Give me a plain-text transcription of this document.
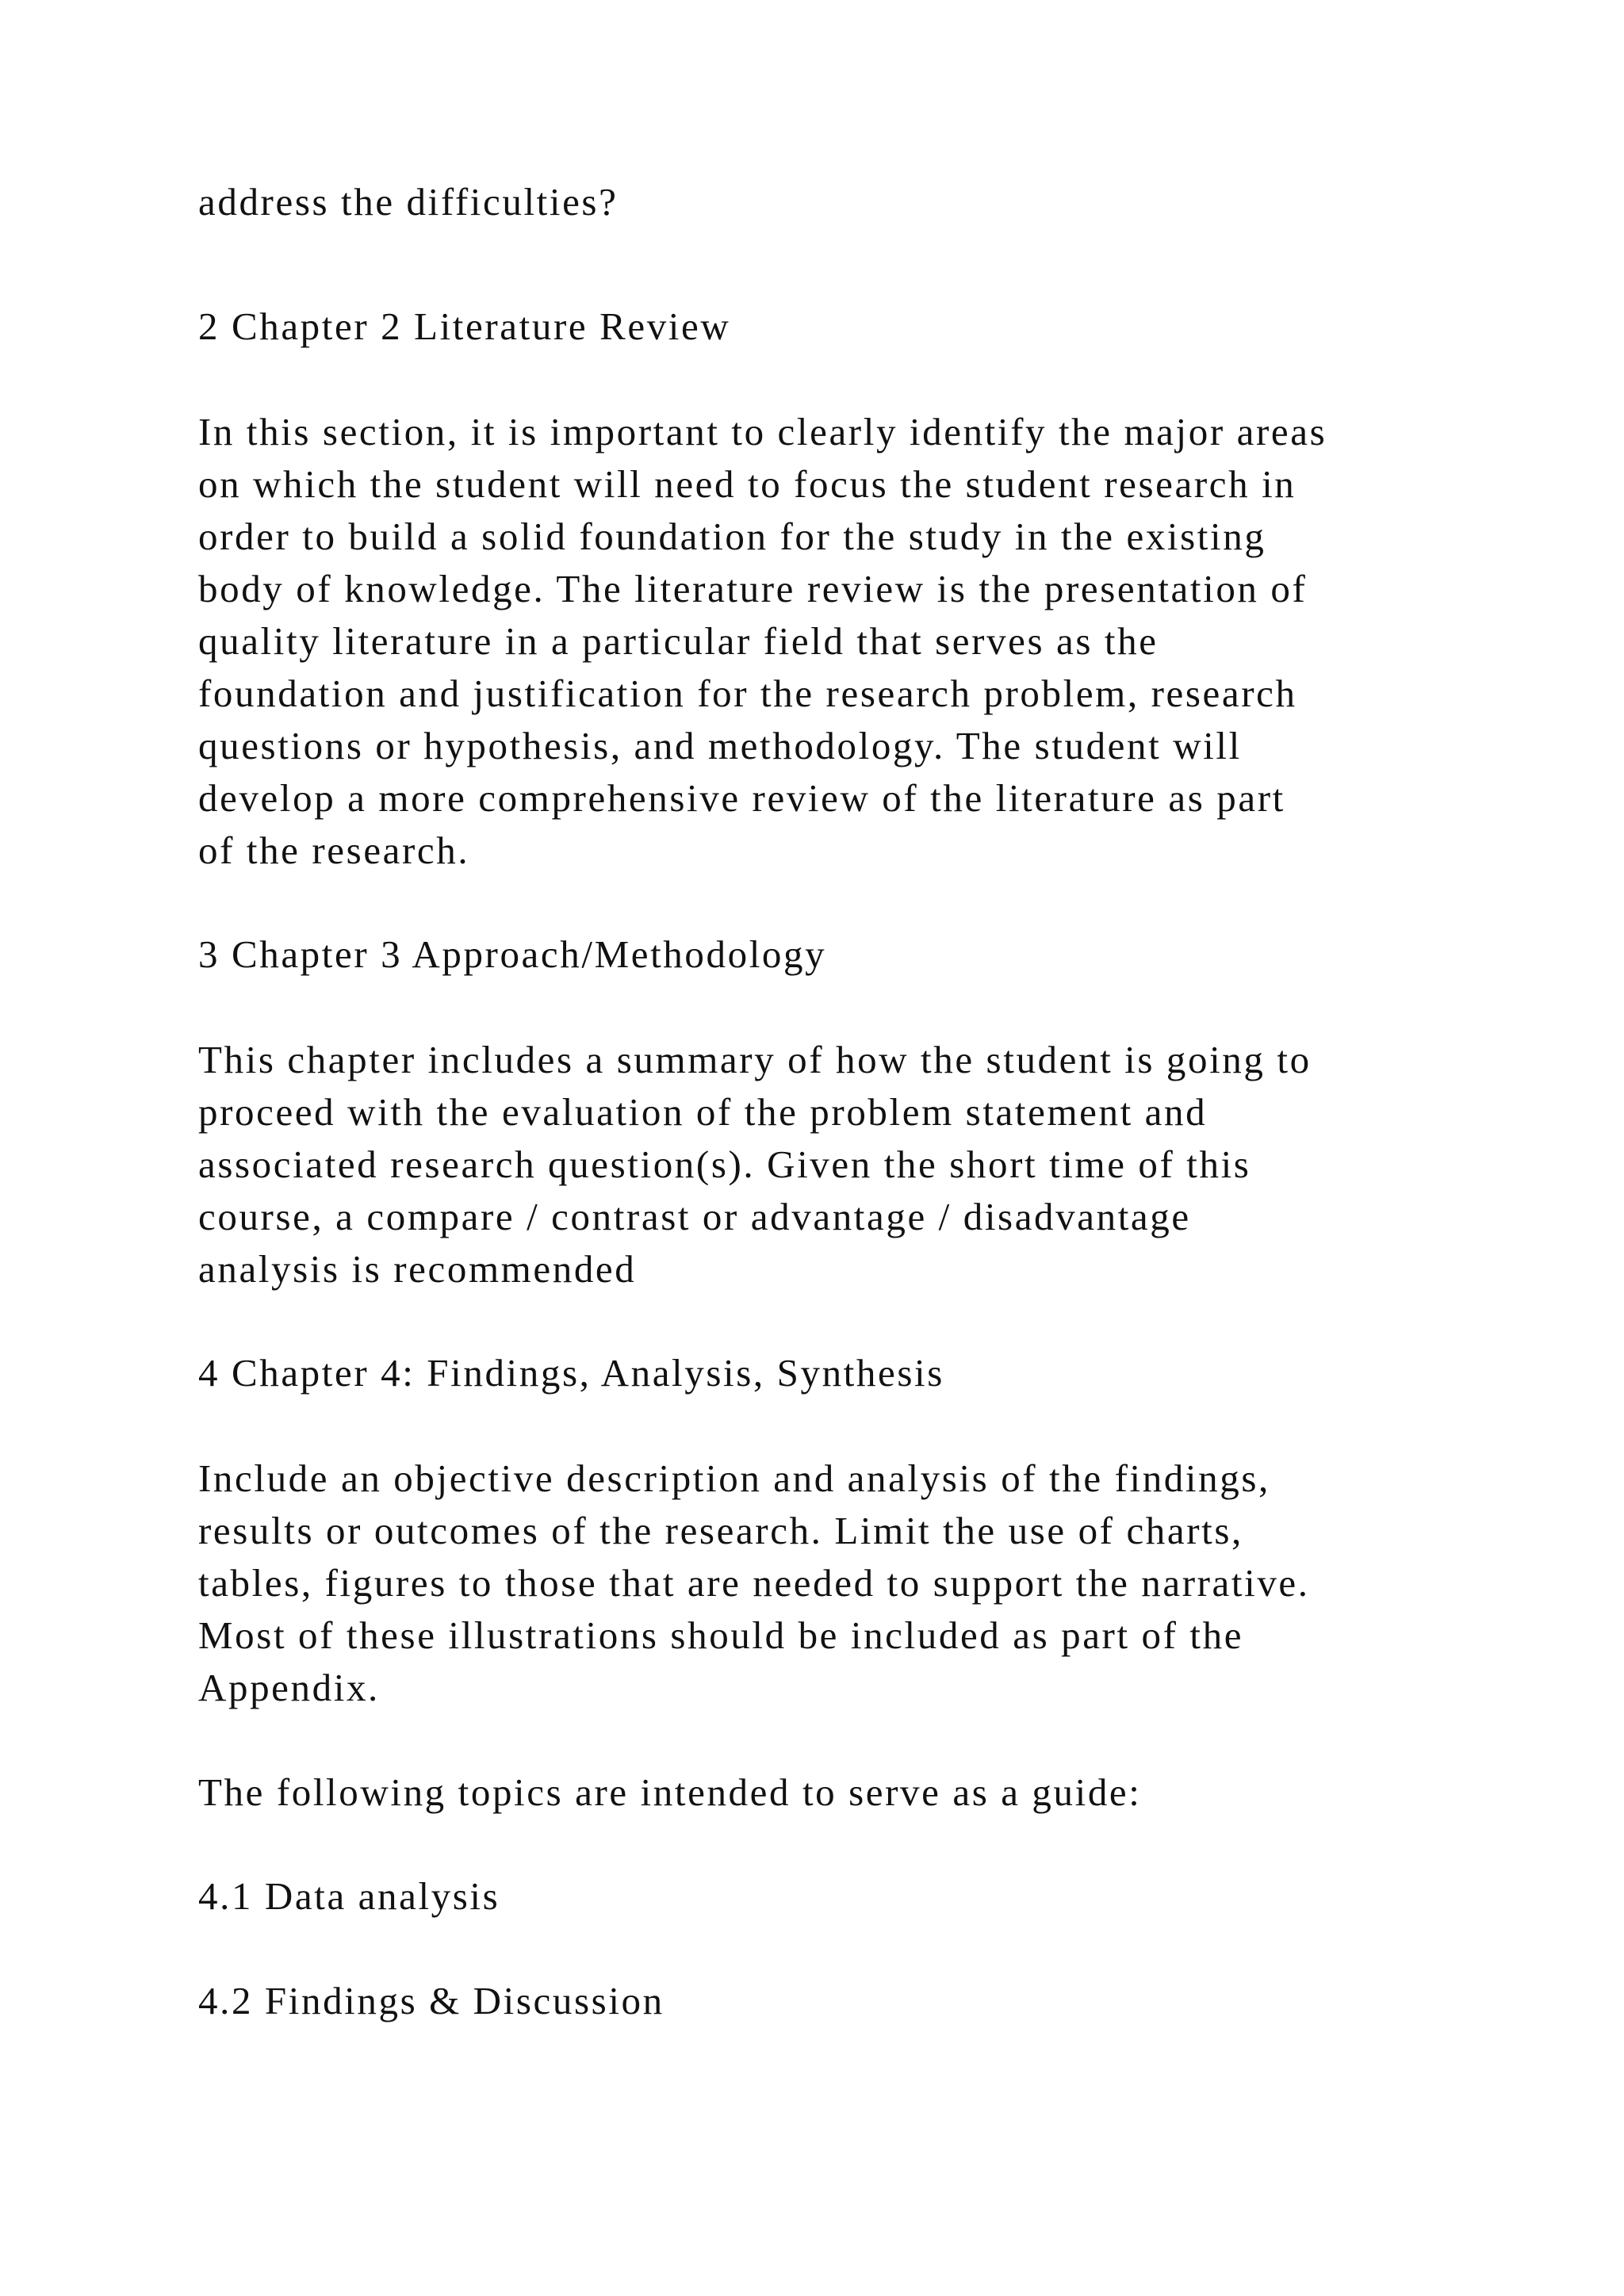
address the difficulties?

2 Chapter 2 Literature Review

In this section, it is important to clearly identify the major areas
on which the student will need to focus the student research in
order to build a solid foundation for the study in the existing
body of knowledge. The literature review is the presentation of
quality literature in a particular field that serves as the
foundation and justification for the research problem, research
questions or hypothesis, and methodology. The student will
develop a more comprehensive review of the literature as part
of the research.

3 Chapter 3 Approach/Methodology

This chapter includes a summary of how the student is going to
proceed with the evaluation of the problem statement and
associated research question(s). Given the short time of this
course, a compare / contrast or advantage / disadvantage
analysis is recommended

4 Chapter 4: Findings, Analysis, Synthesis

Include an objective description and analysis of the findings,
results or outcomes of the research. Limit the use of charts,
tables, figures to those that are needed to support the narrative.
Most of these illustrations should be included as part of the
Appendix.

The following topics are intended to serve as a guide:

4.1 Data analysis
4.2 Findings & Discussion
